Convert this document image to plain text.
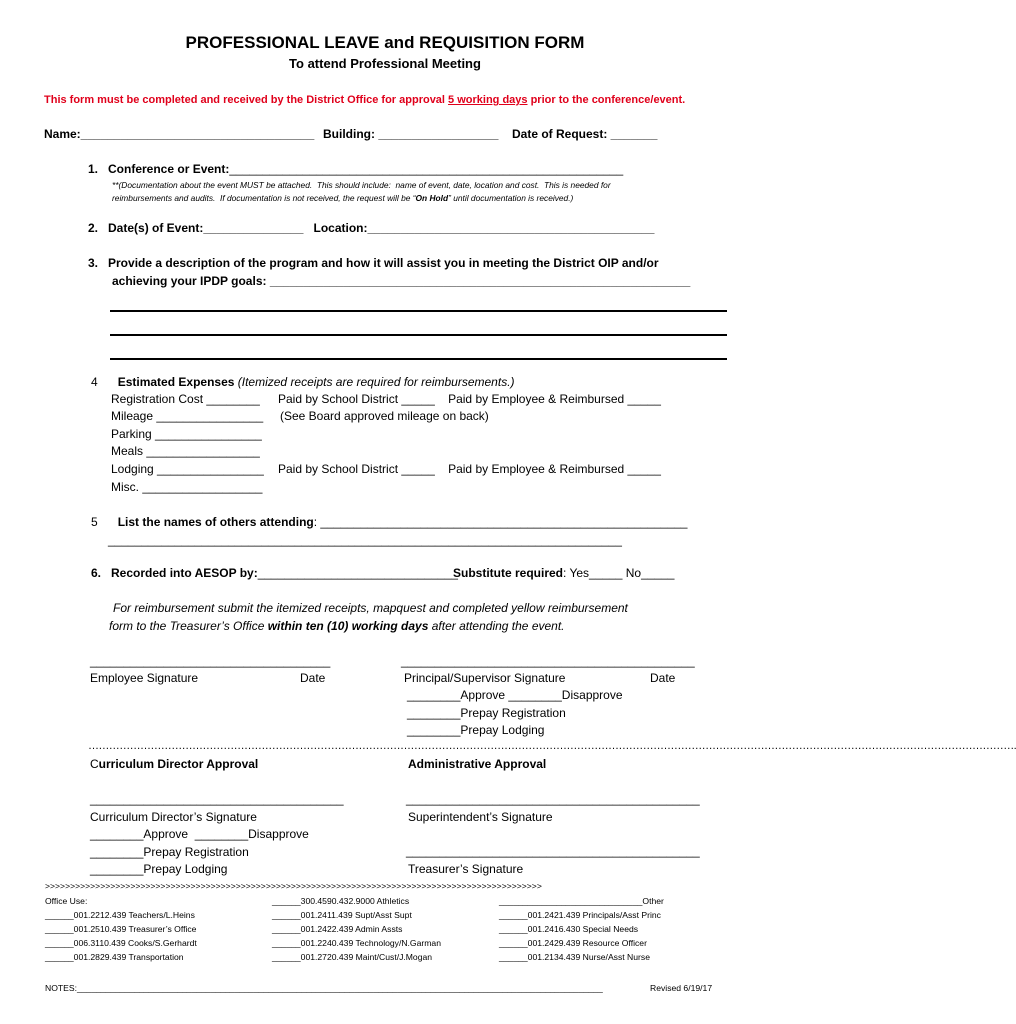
PROFESSIONAL LEAVE and REQUISITION FORM
To attend Professional Meeting
This form must be completed and received by the District Office for approval 5 working days prior to the conference/event.
Name:___________________________________ Building: __________________ Date of Request: _______
1.   Conference or Event:___________________________________________________________
**(Documentation about the event MUST be attached.  This should include:  name of event, date, location and cost.  This is needed for
reimbursements and audits.  If documentation is not received, the request will be “On Hold” until documentation is received.)
2.   Date(s) of Event:_______________ Location:___________________________________________
3.   Provide a description of the program and how it will assist you in meeting the District OIP and/or
achieving your IPDP goals: _______________________________________________________________
4 Estimated Expenses (Itemized receipts are required for reimbursements.)
Registration Cost ________ Paid by School District _____    Paid by Employee & Reimbursed _____
Mileage ________________ (See Board approved mileage on back)
Parking ________________
Meals _________________
Lodging ________________ Paid by School District _____    Paid by Employee & Reimbursed _____
Misc. __________________
5 List the names of others attending: _______________________________________________________
_____________________________________________________________________________
6.   Recorded into AESOP by:______________________________
Substitute required: Yes_____ No_____
For reimbursement submit the itemized receipts, mapquest and completed yellow reimbursement
form to the Treasurer’s Office within ten (10) working days after attending the event.
____________________________________
Employee Signature	Date
____________________________________________
Principal/Supervisor Signature	Date
________Approve ________Disapprove
________Prepay Registration
________Prepay Lodging
…………………………………………………………………………………………………………………………………………………………………………………………………………………………………………….
Curriculum Director Approval	Administrative Approval
______________________________________
Curriculum Director’s Signature
________Approve  ________Disapprove
________Prepay Registration
________Prepay Lodging
____________________________________________
Superintendent’s Signature
____________________________________________
Treasurer’s Signature
>>>>>>>>>>>>>>>>>>>>>>>>>>>>>>>>>>>>>>>>>>>>>>>>>>>>>>>>>>>>>>>>>>>>>>>>>>>>>>>>>>>>>>>>>>>>>>>>>>>
Office Use:
______001.2212.439 Teachers/L.Heins
______001.2510.439 Treasurer’s Office
______006.3110.439 Cooks/S.Gerhardt
______001.2829.439 Transportation
______300.4590.432.9000 Athletics
______001.2411.439 Supt/Asst Supt
______001.2422.439 Admin Assts
______001.2240.439 Technology/N.Garman
______001.2720.439 Maint/Cust/J.Mogan
______________________________Other
______001.2421.439 Principals/Asst Princ
______001.2416.430 Special Needs
______001.2429.439 Resource Officer
______001.2134.439 Nurse/Asst Nurse
NOTES:______________________________________________________________________________________________________________	Revised 6/19/17
